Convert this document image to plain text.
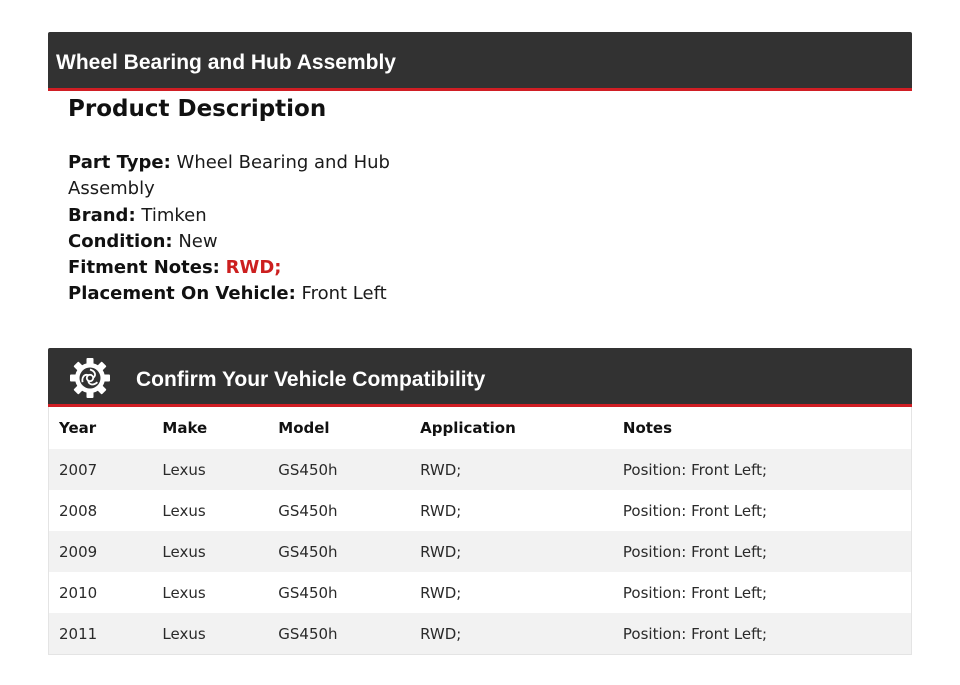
Wheel Bearing and Hub Assembly
Product Description
Part Type: Wheel Bearing and Hub Assembly
Brand: Timken
Condition: New
Fitment Notes: RWD;
Placement On Vehicle: Front Left
Confirm Your Vehicle Compatibility
Year	Make	Model	Application	Notes
2007	Lexus	GS450h	RWD;	Position: Front Left;
2008	Lexus	GS450h	RWD;	Position: Front Left;
2009	Lexus	GS450h	RWD;	Position: Front Left;
2010	Lexus	GS450h	RWD;	Position: Front Left;
2011	Lexus	GS450h	RWD;	Position: Front Left;
